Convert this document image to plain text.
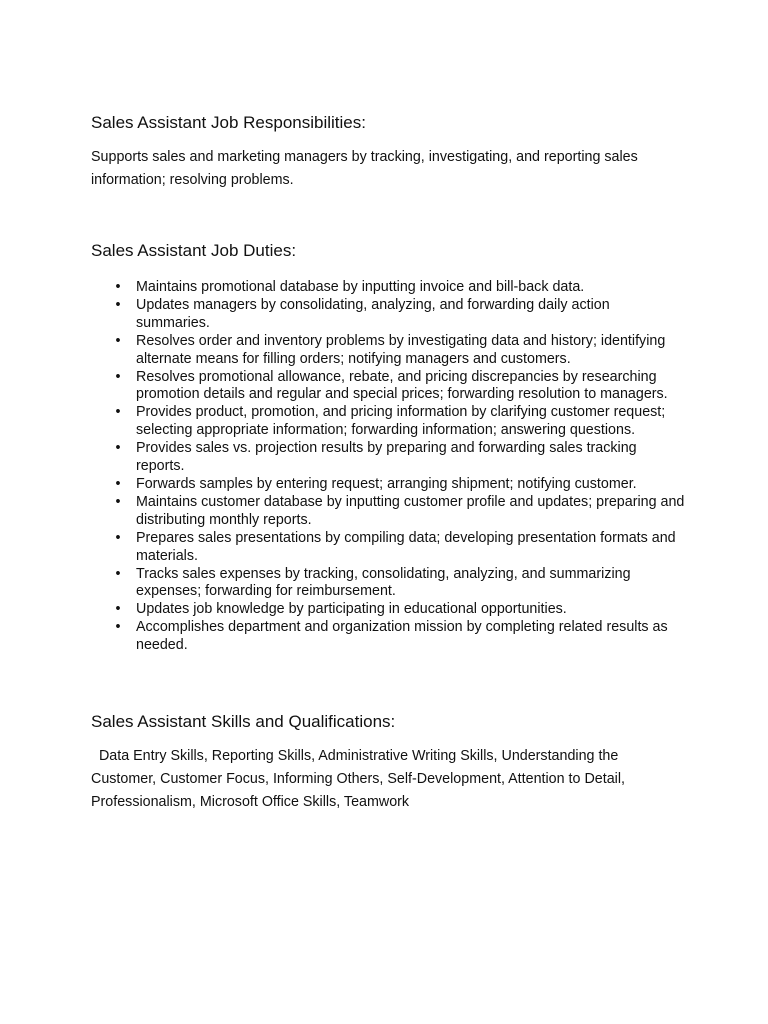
Sales Assistant Job Responsibilities:

Supports sales and marketing managers by tracking, investigating, and reporting sales information; resolving problems.

Sales Assistant Job Duties:
• Maintains promotional database by inputting invoice and bill-back data.
• Updates managers by consolidating, analyzing, and forwarding daily action summaries.
• Resolves order and inventory problems by investigating data and history; identifying alternate means for filling orders; notifying managers and customers.
• Resolves promotional allowance, rebate, and pricing discrepancies by researching promotion details and regular and special prices; forwarding resolution to managers.
• Provides product, promotion, and pricing information by clarifying customer request; selecting appropriate information; forwarding information; answering questions.
• Provides sales vs. projection results by preparing and forwarding sales tracking reports.
• Forwards samples by entering request; arranging shipment; notifying customer.
• Maintains customer database by inputting customer profile and updates; preparing and distributing monthly reports.
• Prepares sales presentations by compiling data; developing presentation formats and materials.
• Tracks sales expenses by tracking, consolidating, analyzing, and summarizing expenses; forwarding for reimbursement.
• Updates job knowledge by participating in educational opportunities.
• Accomplishes department and organization mission by completing related results as needed.
Sales Assistant Skills and Qualifications:

Data Entry Skills, Reporting Skills, Administrative Writing Skills, Understanding the Customer, Customer Focus, Informing Others, Self-Development, Attention to Detail, Professionalism, Microsoft Office Skills, Teamwork
